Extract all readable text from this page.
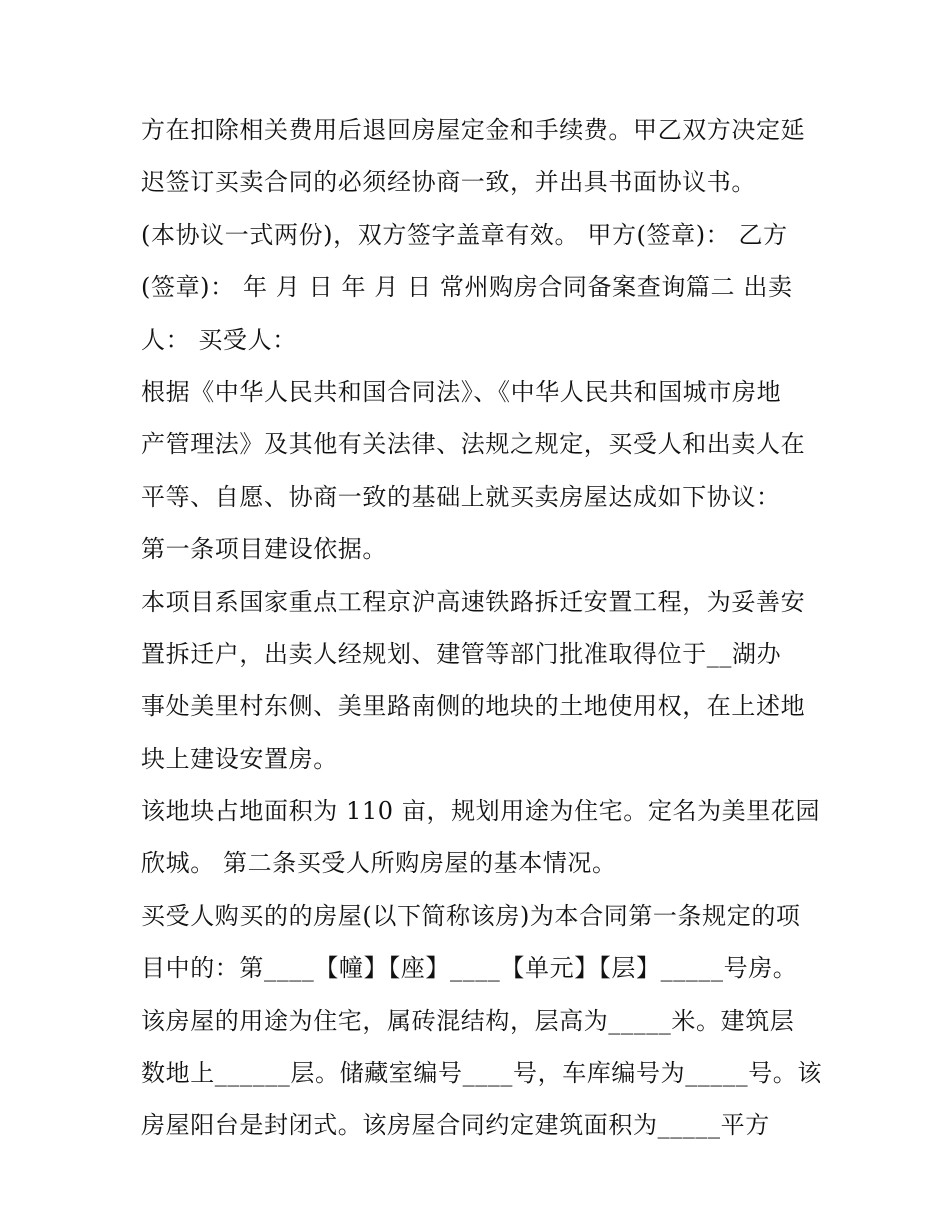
方在扣除相关费用后退回房屋定金和手续费。甲乙双方决定延
迟签订买卖合同的必须经协商一致，并出具书面协议书。
(本协议一式两份)，双方签字盖章有效。 甲方(签章)： 乙方
(签章)： 年 月 日 年 月 日 常州购房合同备案查询篇二 出卖
人： 买受人：
根据《中华人民共和国合同法》、《中华人民共和国城市房地
产管理法》及其他有关法律、法规之规定，买受人和出卖人在
平等、自愿、协商一致的基础上就买卖房屋达成如下协议：
第一条项目建设依据。
本项目系国家重点工程京沪高速铁路拆迁安置工程，为妥善安
置拆迁户，出卖人经规划、建管等部门批准取得位于__湖办
事处美里村东侧、美里路南侧的地块的土地使用权，在上述地
块上建设安置房。
该地块占地面积为 110 亩，规划用途为住宅。定名为美里花园
欣城。 第二条买受人所购房屋的基本情况。
买受人购买的的房屋(以下简称该房)为本合同第一条规定的项
目中的：第____【幢】【座】____【单元】【层】_____号房。
该房屋的用途为住宅，属砖混结构，层高为_____米。建筑层
数地上______层。储藏室编号____号，车库编号为_____号。该
房屋阳台是封闭式。该房屋合同约定建筑面积为_____平方
